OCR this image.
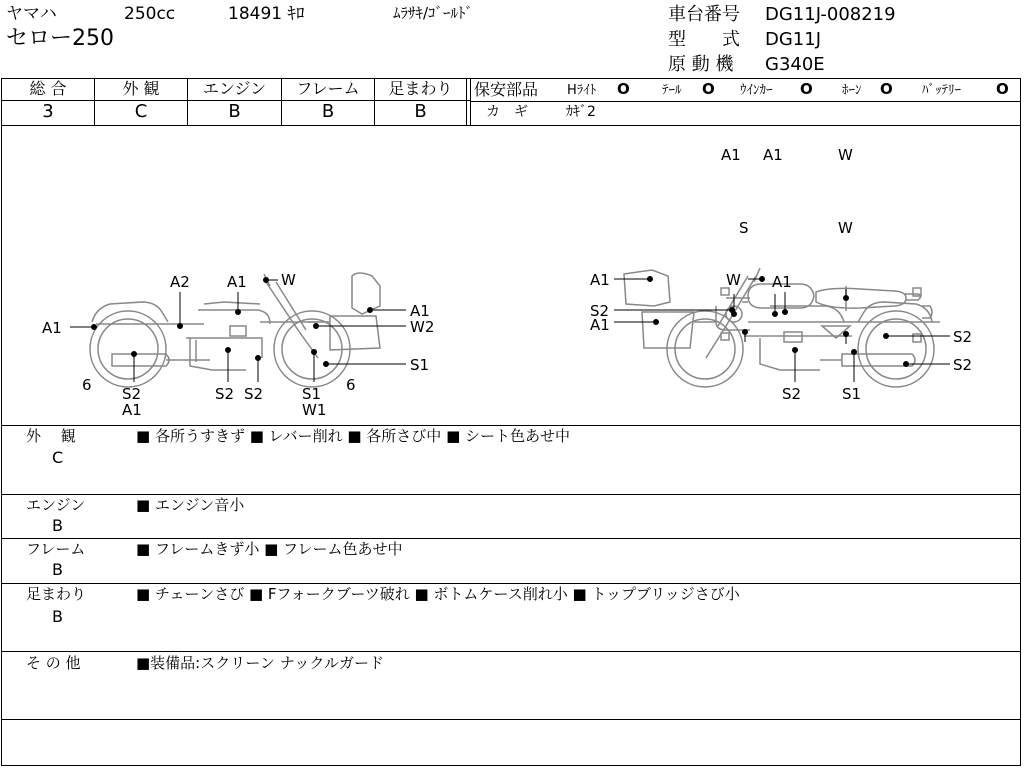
ヤマハ	250cc	18491 ｷﾛ	ﾑﾗｻｷ/ｺﾞｰﾙﾄﾞ
セロー250
車台番号 DG11J-008219
型　　式 DG11J
原 動 機 G340E
総 合
3
外 観
C
エンジン
B
フレーム
B
足まわり
B
保安部品 Hﾗｲﾄ O ﾃｰﾙ O ｳｲﾝｶｰ O ﾎｰﾝ O ﾊﾞｯﾃﾘｰ O
カ　ギ	ｶｷﾞ2
A1 A1	W
S	W
A2 A1 W
A1
A1	W2
S1
6 S2
A1
S2 S2	S1
W1
6
A1	W A1
S2
A1
S2
S2
S2	S1
外　 観
C
■ 各所うすきず ■ レバー削れ ■ 各所さび中 ■ シート色あせ中
エンジン
B
■ エンジン音小
フレーム
B
■ フレームきず小 ■ フレーム色あせ中
足まわり
B
■ チェーンさび ■ Fフォークブーツ破れ ■ ボトムケース削れ小 ■ トップブリッジさび小
そ の 他	■装備品:スクリーン ナックルガード
